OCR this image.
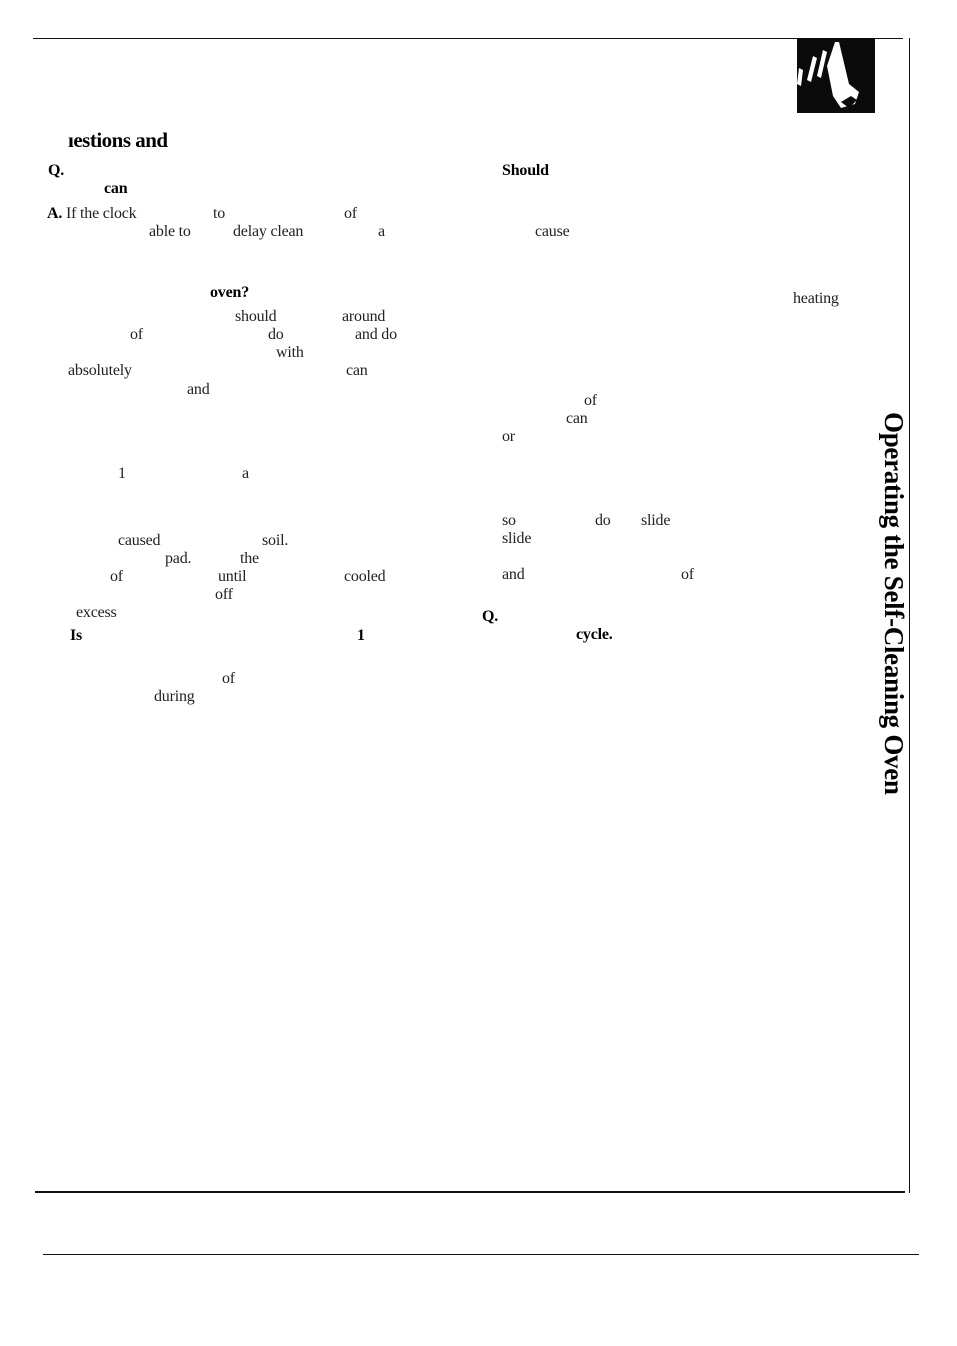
ıestions and
Q.
can
A. If the clock	to	of
able to	delay clean	a
oven?
should	around
of	do	and do
with
absolutely	can
and
1	a
caused	soil.
pad.	the
of	until	cooled
off
excess
Is	1
of
during
Should
cause
heating
of
can
or
so	do slide
slide
and	of
Q.
cycle.	Operating the Self-Cleaning Oven
